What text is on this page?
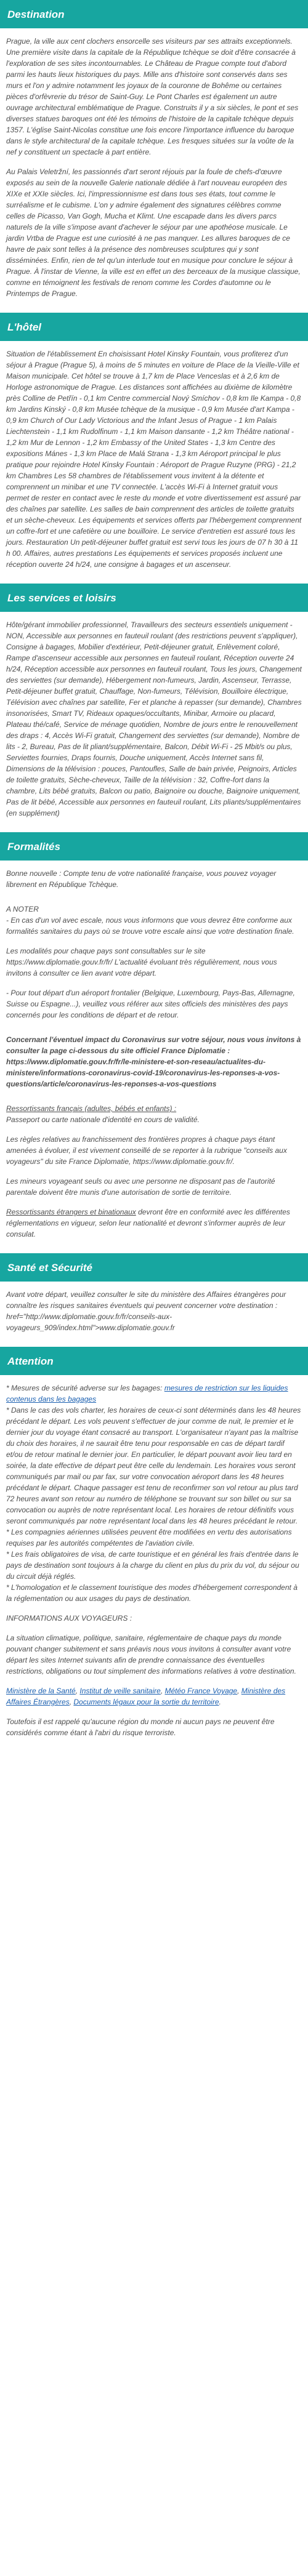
Destination

Prague, la ville aux cent clochers ensorcelle ses visiteurs par ses attraits exceptionnels. Une première visite dans la capitale de la République tchèque se doit d'être consacrée à l'exploration de ses sites incontournables. Le Château de Prague compte tout d'abord parmi les hauts lieux historiques du pays. Mille ans d'histoire sont conservés dans ses murs et l'on y admire notamment les joyaux de la couronne de Bohême ou certaines pièces d'orfèvrerie du trésor de Saint-Guy. Le Pont Charles est également un autre ouvrage architectural emblématique de Prague. Construits il y a six siècles, le pont et ses diverses statues baroques ont été les témoins de l'histoire de la capitale tchèque depuis 1357. L'église Saint-Nicolas constitue une fois encore l'importance influence du baroque dans le style architectural de la capitale tchèque. Les fresques situées sur la voûte de la nef y constituent un spectacle à part entière.

Au Palais Veletržní, les passionnés d'art seront réjouis par la foule de chefs-d'œuvre exposés au sein de la nouvelle Galerie nationale dédiée à l'art nouveau européen des XIXe et XXIe siècles. Ici, l'impressionnisme est dans tous ses états, tout comme le surréalisme et le cubisme. L'on y admire également des signatures célèbres comme celles de Picasso, Van Gogh, Mucha et Klimt. Une escapade dans les divers parcs naturels de la ville s'impose avant d'achever le séjour par une apothéose musicale. Le jardin Vrtba de Prague est une curiosité à ne pas manquer. Les allures baroques de ce havre de paix sont telles à la présence des nombreuses sculptures qui y sont disséminées. Enfin, rien de tel qu'un interlude tout en musique pour conclure le séjour à Prague. À l'instar de Vienne, la ville est en effet un des berceaux de la musique classique, comme en témoignent les festivals de renom comme les Cordes d'automne ou le Printemps de Prague.

L'hôtel

Situation de l'établissement En choisissant Hotel Kinsky Fountain, vous profiterez d'un séjour à Prague (Prague 5), à moins de 5 minutes en voiture de Place de la Vieille-Ville et Maison municipale. Cet hôtel se trouve à 1,7 km de Place Venceslas et à 2,6 km de Horloge astronomique de Prague. Les distances sont affichées au dixième de kilomètre près Colline de Petřín - 0,1 km Centre commercial Nový Smíchov - 0,8 km Ile Kampa - 0,8 km Jardins Kinský - 0,8 km Musée tchèque de la musique - 0,9 km Musée d'art Kampa - 0,9 km Church of Our Lady Victorious and the Infant Jesus of Prague - 1 km Palais Liechtenstein - 1,1 km Rudolfinum - 1,1 km Maison dansante - 1,2 km Théâtre national - 1,2 km Mur de Lennon - 1,2 km Embassy of the United States - 1,3 km Centre des expositions Mánes - 1,3 km Place de Malá Strana - 1,3 km Aéroport principal le plus pratique pour rejoindre Hotel Kinsky Fountain : Aéroport de Prague Ruzyne (PRG) - 21,2 km Chambres Les 58 chambres de l'établissement vous invitent à la détente et comprennent un minibar et une TV connectée. L'accès Wi-Fi à Internet gratuit vous permet de rester en contact avec le reste du monde et votre divertissement est assuré par des chaînes par satellite. Les salles de bain comprennent des articles de toilette gratuits et un sèche-cheveux. Les équipements et services offerts par l'hébergement comprennent un coffre-fort et une cafetière ou une bouilloire. Le service d'entretien est assuré tous les jours. Restauration Un petit-déjeuner buffet gratuit est servi tous les jours de 07 h 30 à 11 h 00. Affaires, autres prestations Les équipements et services proposés incluent une réception ouverte 24 h/24, une consigne à bagages et un ascenseur.

Les services et loisirs

Hôte/gérant immobilier professionnel, Travailleurs des secteurs essentiels uniquement - NON, Accessible aux personnes en fauteuil roulant (des restrictions peuvent s'appliquer), Consigne à bagages, Mobilier d'extérieur, Petit-déjeuner gratuit, Enlèvement coloré, Rampe d'ascenseur accessible aux personnes en fauteuil roulant, Réception ouverte 24 h/24, Réception accessible aux personnes en fauteuil roulant, Tous les jours, Changement des serviettes (sur demande), Hébergement non-fumeurs, Jardin, Ascenseur, Terrasse, Petit-déjeuner buffet gratuit, Chauffage, Non-fumeurs, Télévision, Bouilloire électrique, Télévision avec chaînes par satellite, Fer et planche à repasser (sur demande), Chambres insonorisées, Smart TV, Rideaux opaques/occultants, Minibar, Armoire ou placard, Plateau thé/café, Service de ménage quotidien, Nombre de jours entre le renouvellement des draps : 4, Accès Wi-Fi gratuit, Changement des serviettes (sur demande), Nombre de lits - 2, Bureau, Pas de lit pliant/supplémentaire, Balcon, Débit Wi-Fi - 25 Mbit/s ou plus, Serviettes fournies, Draps fournis, Douche uniquement, Accès Internet sans fil, Dimensions de la télévision : pouces, Pantoufles, Salle de bain privée, Peignoirs, Articles de toilette gratuits, Sèche-cheveux, Taille de la télévision : 32, Coffre-fort dans la chambre, Lits bébé gratuits, Balcon ou patio, Baignoire ou douche, Baignoire uniquement, Pas de lit bébé, Accessible aux personnes en fauteuil roulant, Lits pliants/supplémentaires (en supplément)

Formalités

Bonne nouvelle : Compte tenu de votre nationalité française, vous pouvez voyager librement en République Tchèque.

A NOTER

- En cas d'un vol avec escale, nous vous informons que vous devrez être conforme aux formalités sanitaires du pays où se trouve votre escale ainsi que votre destination finale.

Les modalités pour chaque pays sont consultables sur le site https://www.diplomatie.gouv.fr/fr/ L'actualité évoluant très régulièrement, nous vous invitons à consulter ce lien avant votre départ.

- Pour tout départ d'un aéroport frontalier (Belgique, Luxembourg, Pays-Bas, Allemagne, Suisse ou Espagne...), veuillez vous référer aux sites officiels des ministères des pays concernés pour les conditions de départ et de retour.

Concernant l'éventuel impact du Coronavirus sur votre séjour, nous vous invitons à consulter la page ci-dessous du site officiel France Diplomatie : https://www.diplomatie.gouv.fr/fr/le-ministere-et-son-reseau/actualites-du-ministere/informations-coronavirus-covid-19/coronavirus-les-reponses-a-vos-questions/article/coronavirus-les-reponses-a-vos-questions

Ressortissants français (adultes, bébés et enfants) :

Passeport ou carte nationale d'identité en cours de validité.

Les règles relatives au franchissement des frontières propres à chaque pays étant amenées à évoluer, il est vivement conseillé de se reporter à la rubrique "conseils aux voyageurs" du site France Diplomatie, https://www.diplomatie.gouv.fr/.

Les mineurs voyageant seuls ou avec une personne ne disposant pas de l'autorité parentale doivent être munis d'une autorisation de sortie de territoire.

Ressortissants étrangers et binationaux devront être en conformité avec les différentes réglementations en vigueur, selon leur nationalité et devront s'informer auprès de leur consulat.

Santé et Sécurité

Avant votre départ, veuillez consulter le site du ministère des Affaires étrangères pour connaître les risques sanitaires éventuels qui peuvent concerner votre destination : href="http://www.diplomatie.gouv.fr/fr/conseils-aux-voyageurs_909/index.html">www.diplomatie.gouv.fr

Attention

* Mesures de sécurité adverse sur les bagages: mesures de restriction sur les liquides contenus dans les bagages

* Dans le cas des vols charter, les horaires de ceux-ci sont déterminés dans les 48 heures précédant le départ. Les vols peuvent s'effectuer de jour comme de nuit, le premier et le dernier jour du voyage étant consacré au transport. L'organisateur n'ayant pas la maîtrise du choix des horaires, il ne saurait être tenu pour responsable en cas de départ tardif et/ou de retour matinal le dernier jour. En particulier, le départ pouvant avoir lieu tard en soirée, la date effective de départ peut être celle du lendemain. Les horaires vous seront communiqués par mail ou par fax, sur votre convocation aéroport dans les 48 heures précédant le départ. Chaque passager est tenu de reconfirmer son vol retour au plus tard 72 heures avant son retour au numéro de téléphone se trouvant sur son billet ou sur sa convocation ou auprès de notre représentant local. Les horaires de retour définitifs vous seront communiqués par notre représentant local dans les 48 heures précédant le retour.

* Les compagnies aériennes utilisées peuvent être modifiées en vertu des autorisations requises par les autorités compétentes de l'aviation civile.

* Les frais obligatoires de visa, de carte touristique et en général les frais d'entrée dans le pays de destination sont toujours à la charge du client en plus du prix du vol, du séjour ou du circuit déjà réglés.

* L'homologation et le classement touristique des modes d'hébergement correspondent à la réglementation ou aux usages du pays de destination.

INFORMATIONS AUX VOYAGEURS :

La situation climatique, politique, sanitaire, réglementaire de chaque pays du monde pouvant changer subitement et sans préavis nous vous invitons à consulter avant votre départ les sites Internet suivants afin de prendre connaissance des éventuelles restrictions, obligations ou tout simplement des informations relatives à votre destination.

Ministère de la Santé, Institut de veille sanitaire, Météo France Voyage, Ministère des Affaires Étrangères, Documents légaux pour la sortie du territoire.

Toutefois il est rappelé qu'aucune région du monde ni aucun pays ne peuvent être considérés comme étant à l'abri du risque terroriste.
